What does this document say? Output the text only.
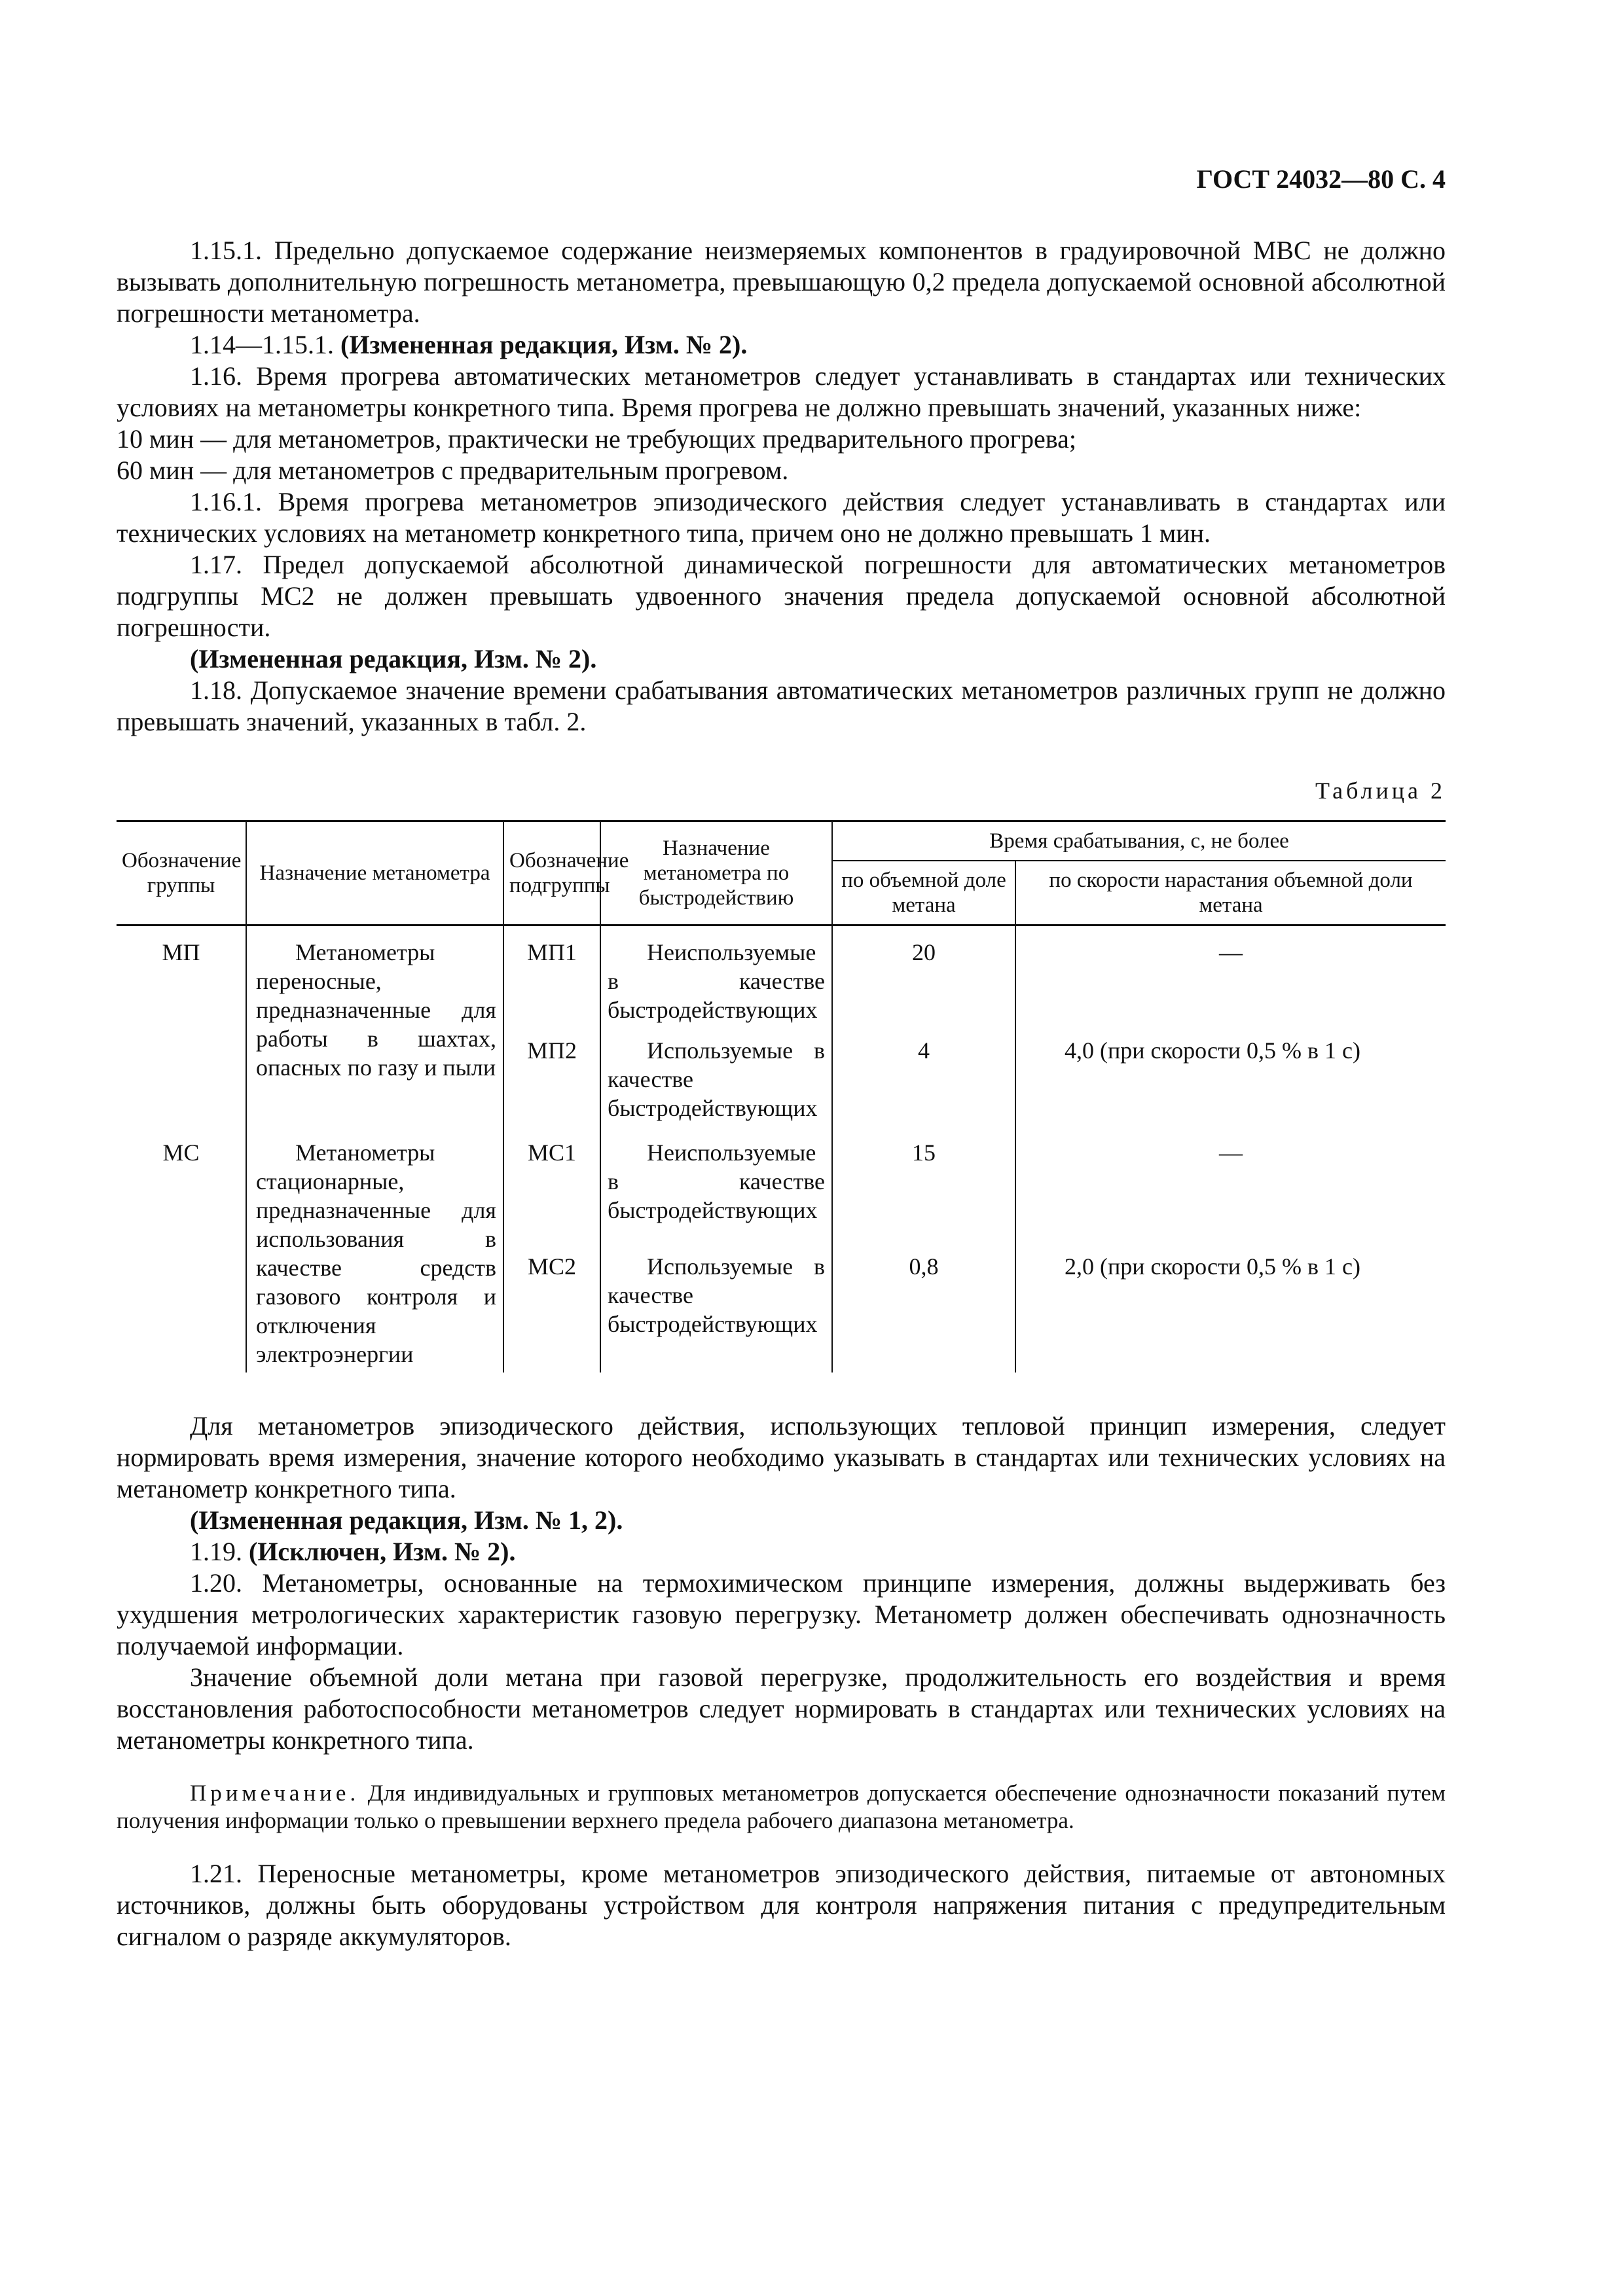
ГОСТ 24032—80 С. 4

1.15.1. Предельно допускаемое содержание неизмеряемых компонентов в градуировочной МВС не должно вызывать дополнительную погрешность метанометра, превышающую 0,2 предела допускаемой основной абсолютной погрешности метанометра.

1.14—1.15.1. (Измененная редакция, Изм. № 2).

1.16. Время прогрева автоматических метанометров следует устанавливать в стандартах или технических условиях на метанометры конкретного типа. Время прогрева не должно превышать значений, указанных ниже:

10 мин — для метанометров, практически не требующих предварительного прогрева;

60 мин — для метанометров с предварительным прогревом.

1.16.1. Время прогрева метанометров эпизодического действия следует устанавливать в стандартах или технических условиях на метанометр конкретного типа, причем оно не должно превышать 1 мин.

1.17. Предел допускаемой абсолютной динамической погрешности для автоматических метанометров подгруппы МС2 не должен превышать удвоенного значения предела допускаемой основной абсолютной погрешности.

(Измененная редакция, Изм. № 2).

1.18. Допускаемое значение времени срабатывания автоматических метанометров различных групп не должно превышать значений, указанных в табл. 2.

Таблица 2
Обозначение группы	Назначение метанометра	Обозначение подгруппы	Назначение метанометра по быстродействию	Время срабатывания, с, не более	
				по объемной доле метана	по скорости нарастания объемной доли метана
МП	Метанометры переносные, предназначенные для работы в шахтах, опасных по газу и пыли	МП1	Неиспользуемые в качестве быстродействующих	20	—
		МП2	Используемые в качестве быстродействующих	4	4,0 (при скорости 0,5 % в 1 с)
МС	Метанометры стационарные, предназначенные для использования в качестве средств газового контроля и отключения электроэнергии	МС1	Неиспользуемые в качестве быстродействующих	15	—
		МС2	Используемые в качестве быстродействующих	0,8	2,0 (при скорости 0,5 % в 1 с)

Для метанометров эпизодического действия, использующих тепловой принцип измерения, следует нормировать время измерения, значение которого необходимо указывать в стандартах или технических условиях на метанометр конкретного типа.

(Измененная редакция, Изм. № 1, 2).

1.19. (Исключен, Изм. № 2).

1.20. Метанометры, основанные на термохимическом принципе измерения, должны выдерживать без ухудшения метрологических характеристик газовую перегрузку. Метанометр должен обеспечивать однозначность получаемой информации.

Значение объемной доли метана при газовой перегрузке, продолжительность его воздействия и время восстановления работоспособности метанометров следует нормировать в стандартах или технических условиях на метанометры конкретного типа.

Примечание. Для индивидуальных и групповых метанометров допускается обеспечение однозначности показаний путем получения информации только о превышении верхнего предела рабочего диапазона метанометра.

1.21. Переносные метанометры, кроме метанометров эпизодического действия, питаемые от автономных источников, должны быть оборудованы устройством для контроля напряжения питания с предупредительным сигналом о разряде аккумуляторов.
